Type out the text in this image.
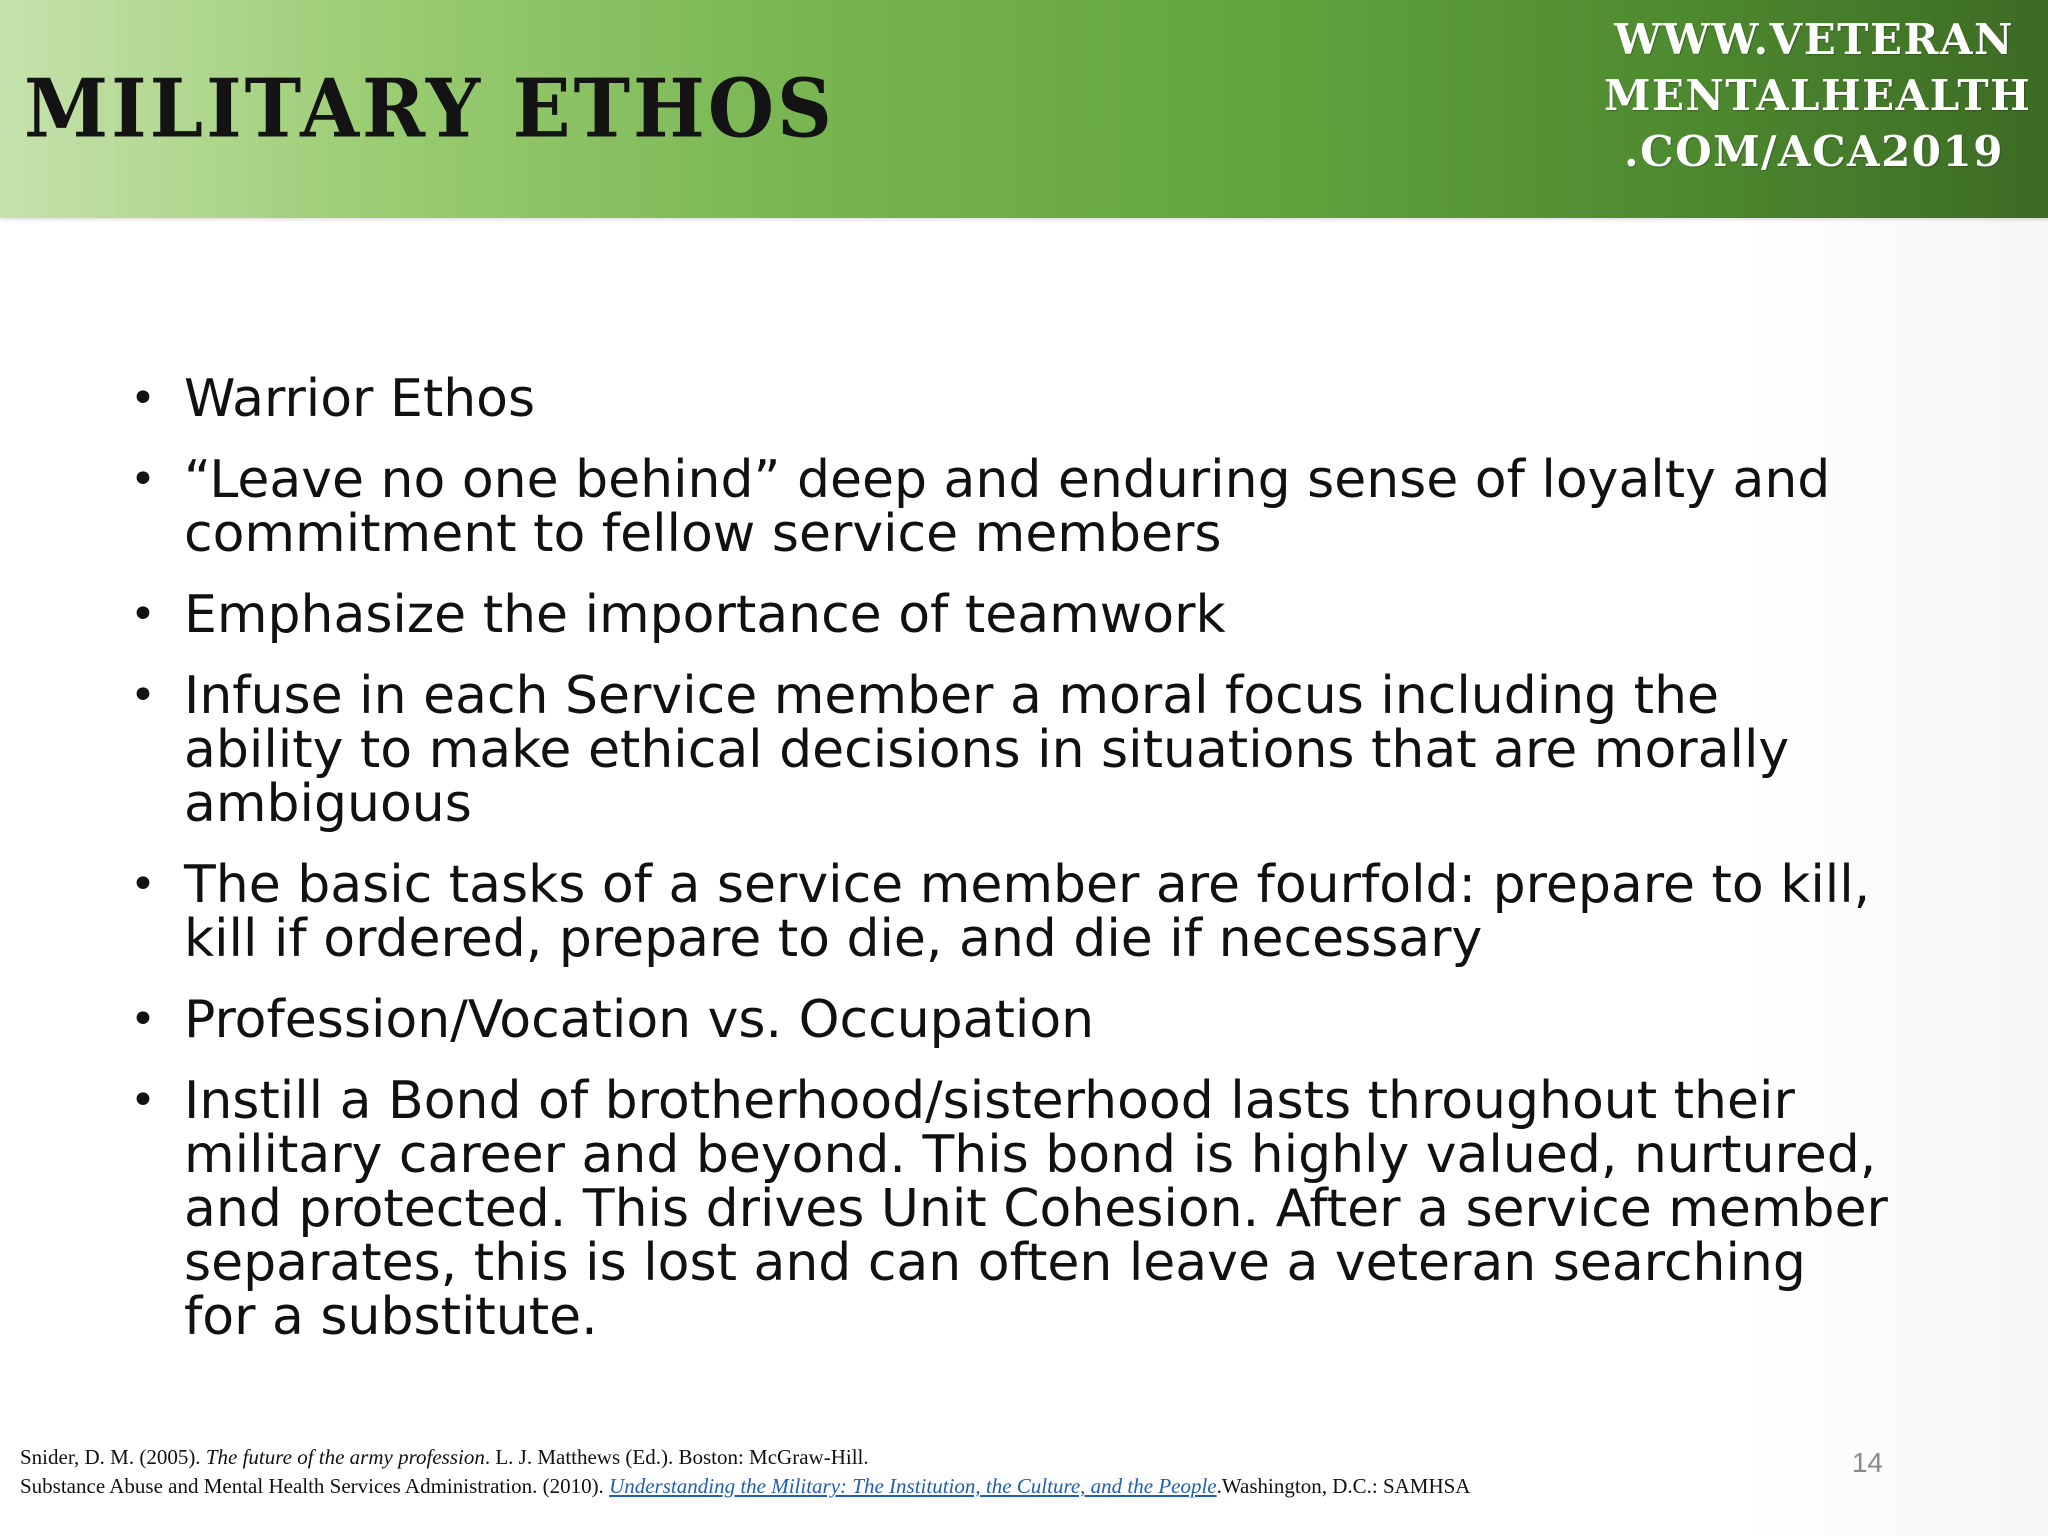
MILITARY ETHOS
WWW.VETERAN
MENTALHEALTH
.COM/ACA2019
• Warrior Ethos
• “Leave no one behind” deep and enduring sense of loyalty and commitment to fellow service members
• Emphasize the importance of teamwork
• Infuse in each Service member a moral focus including the ability to make ethical decisions in situations that are morally ambiguous
• The basic tasks of a service member are fourfold: prepare to kill, kill if ordered, prepare to die, and die if necessary
• Profession/Vocation vs. Occupation
• Instill a Bond of brotherhood/sisterhood lasts throughout their military career and beyond. This bond is highly valued, nurtured, and protected. This drives Unit Cohesion. After a service member separates, this is lost and can often leave a veteran searching for a substitute.
Snider, D. M. (2005). The future of the army profession. L. J. Matthews (Ed.). Boston: McGraw-Hill.
Substance Abuse and Mental Health Services Administration. (2010). Understanding the Military: The Institution, the Culture, and the People.Washington, D.C.: SAMHSA
14
